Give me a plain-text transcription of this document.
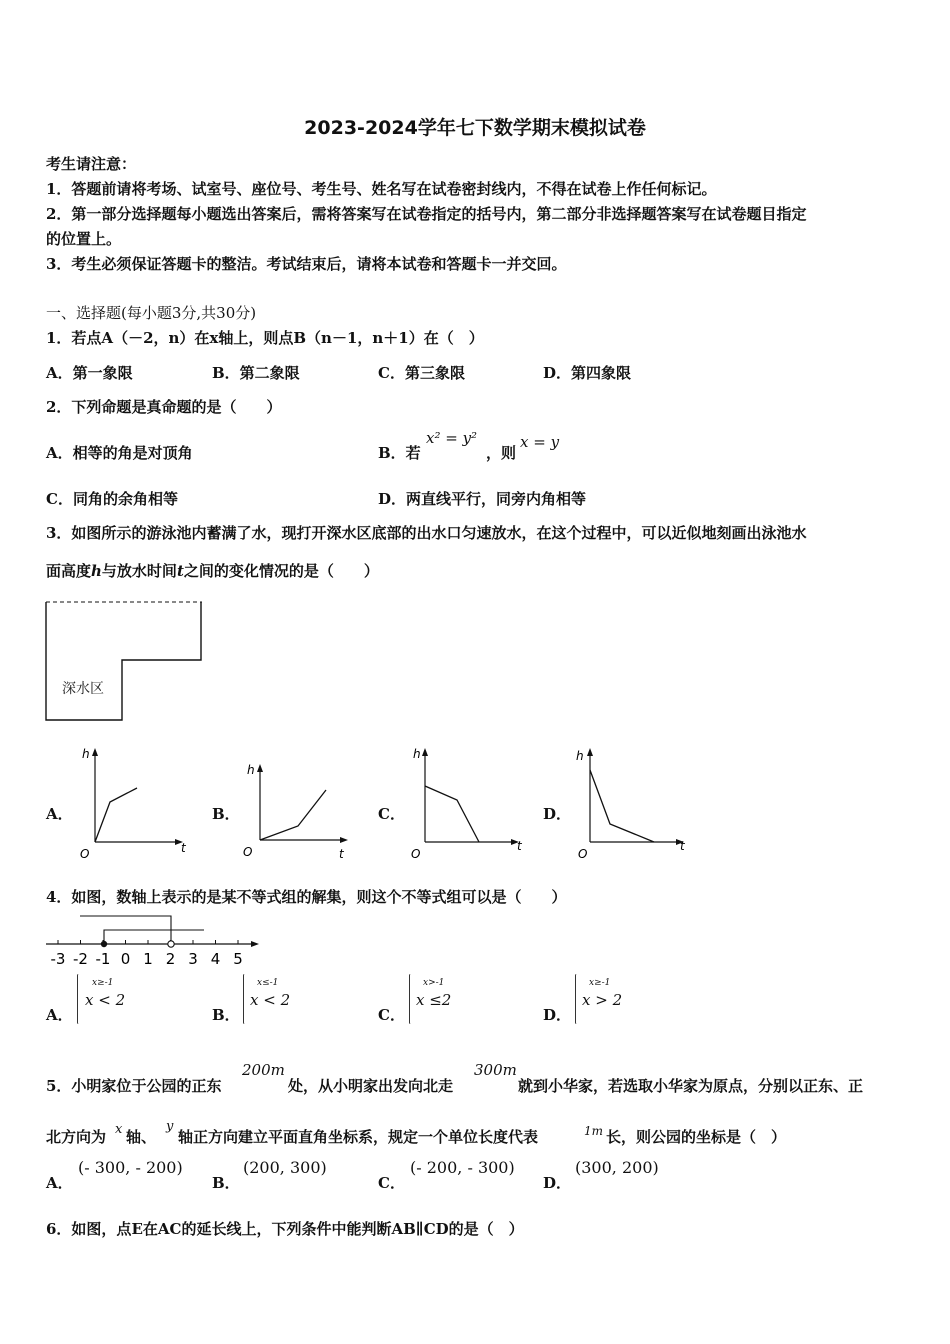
2023-2024学年七下数学期末模拟试卷
考生请注意：
1．答题前请将考场、试室号、座位号、考生号、姓名写在试卷密封线内，不得在试卷上作任何标记。
2．第一部分选择题每小题选出答案后，需将答案写在试卷指定的括号内，第二部分非选择题答案写在试卷题目指定
的位置上。
3．考生必须保证答题卡的整洁。考试结束后，请将本试卷和答题卡一并交回。
一、选择题(每小题3分,共30分)
1．若点A（－2，n）在x轴上，则点B（n－1，n＋1）在（　）
A．第一象限	B．第二象限	C．第三象限	D．第四象限
2．下列命题是真命题的是（　　）
A．相等的角是对顶角	B．若
x² = y²
，则
x = y
C．同角的余角相等	D．两直线平行，同旁内角相等
3．如图所示的游泳池内蓄满了水，现打开深水区底部的出水口匀速放水，在这个过程中，可以近似地刻画出泳池水
面高度h与放水时间t之间的变化情况的是（　　）
深水区
A．	B．	C．	D．
h
t
O
h
t
O
h
t
O
h
t
O
4．如图，数轴上表示的是某不等式组的解集，则这个不等式组可以是（　　）
-3 -2 -1 0 1 2 3 4 5
A．
x≥-1
x < 2
B．
x≤-1
x < 2
C．
x>-1
x ≤2
D．
x≥-1
x > 2
5．小明家位于公园的正东
200m
处，从小明家出发向北走
300m
就到小华家，若选取小华家为原点，分别以正东、正
北方向为 x 轴、
y
轴正方向建立平面直角坐标系，规定一个单位长度代表	1m 长，则公园的坐标是（　）
A．
(- 300, - 200)
B．
(200, 300)
C．
(- 200, - 300)
D．
(300, 200)
6．如图，点E在AC的延长线上，下列条件中能判断AB∥CD的是（　）
